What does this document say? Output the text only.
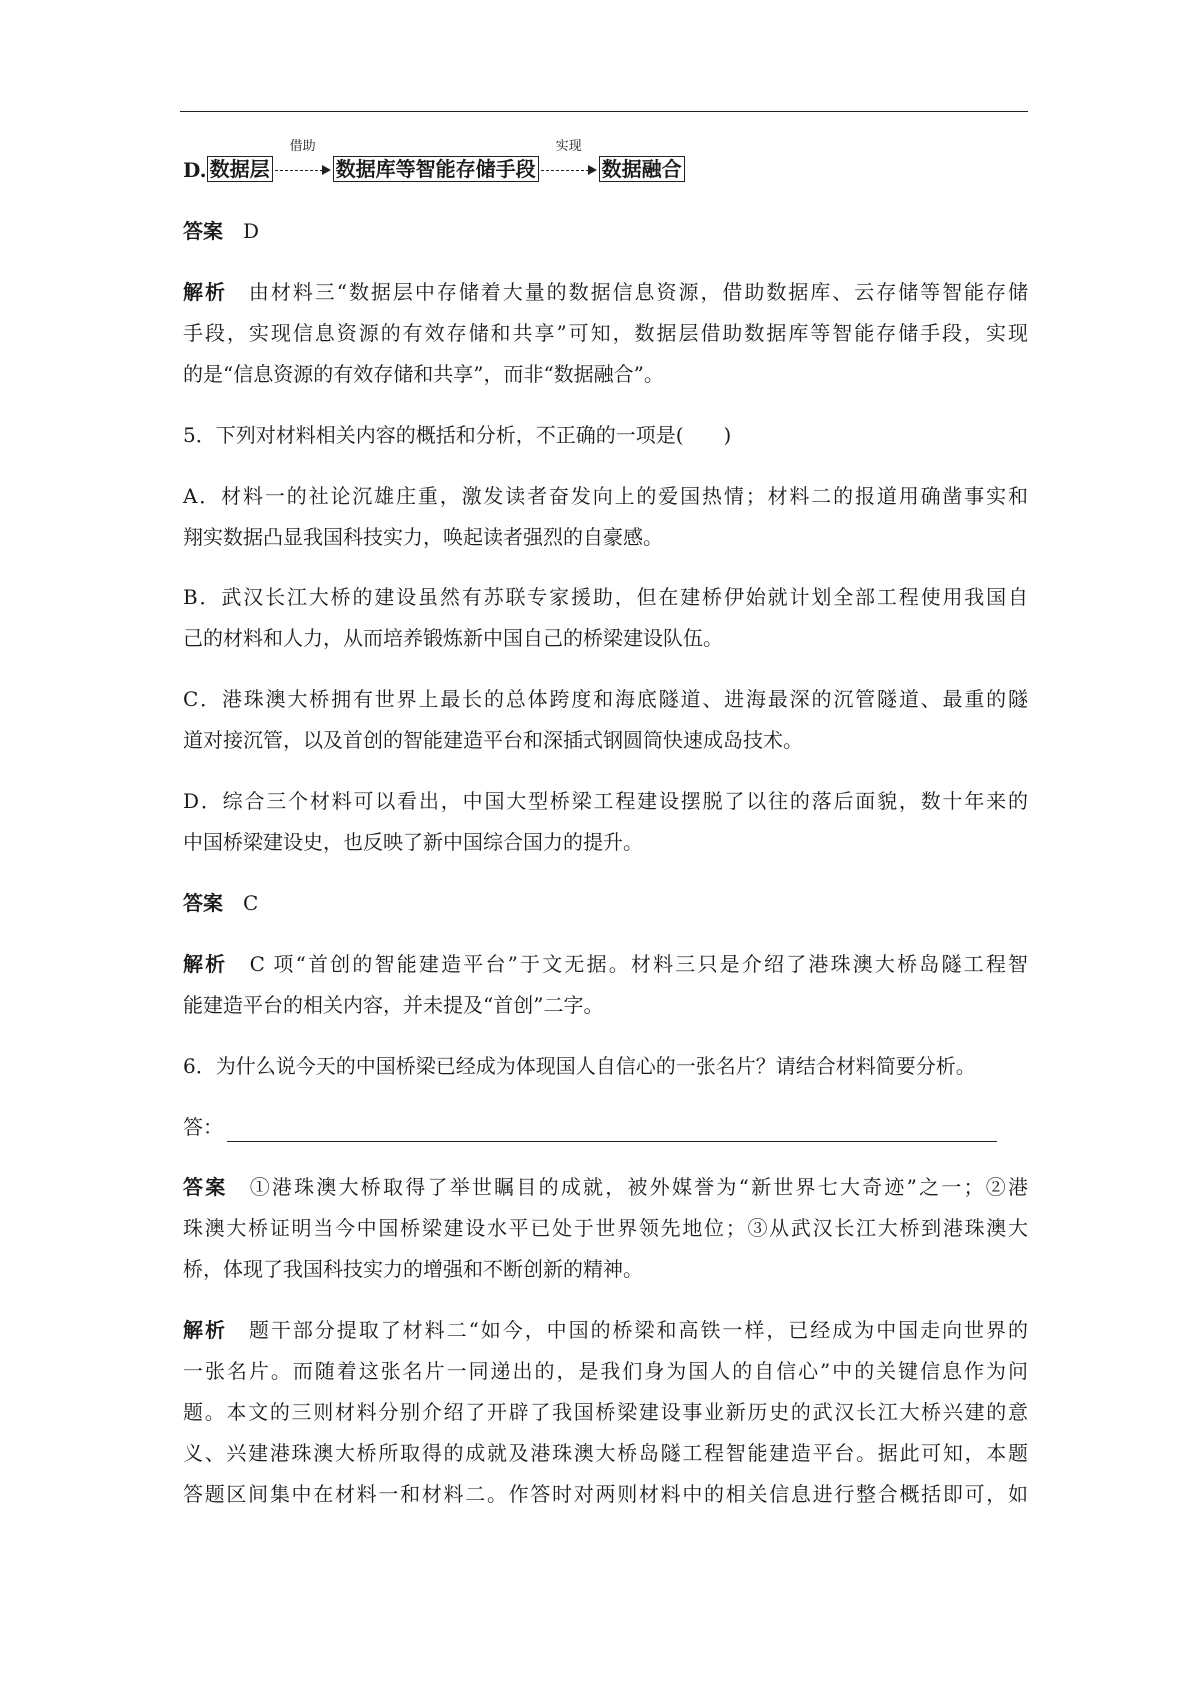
D. 数据层
借助
数据库等智能存储手段
实现
数据融合
答案　 D
解析　 由材料三“数据层中存储着大量的数据信息资源，借助数据库、云存储等智能存储
手段，实现信息资源的有效存储和共享”可知，数据层借助数据库等智能存储手段，实现
的是“信息资源的有效存储和共享”，而非“数据融合”。
5．下列对材料相关内容的概括和分析，不正确的一项是(　　)
A．材料一的社论沉雄庄重，激发读者奋发向上的爱国热情；材料二的报道用确凿事实和
翔实数据凸显我国科技实力，唤起读者强烈的自豪感。
B．武汉长江大桥的建设虽然有苏联专家援助，但在建桥伊始就计划全部工程使用我国自
己的材料和人力，从而培养锻炼新中国自己的桥梁建设队伍。
C．港珠澳大桥拥有世界上最长的总体跨度和海底隧道、进海最深的沉管隧道、最重的隧
道对接沉管，以及首创的智能建造平台和深插式钢圆筒快速成岛技术。
D．综合三个材料可以看出，中国大型桥梁工程建设摆脱了以往的落后面貌，数十年来的
中国桥梁建设史，也反映了新中国综合国力的提升。
答案　 C
解析　 C 项“首创的智能建造平台”于文无据。材料三只是介绍了港珠澳大桥岛隧工程智
能建造平台的相关内容，并未提及“首创”二字。
6．为什么说今天的中国桥梁已经成为体现国人自信心的一张名片？请结合材料简要分析。
答：
答案　 ①港珠澳大桥取得了举世瞩目的成就，被外媒誉为“新世界七大奇迹”之一；②港
珠澳大桥证明当今中国桥梁建设水平已处于世界领先地位；③从武汉长江大桥到港珠澳大
桥，体现了我国科技实力的增强和不断创新的精神。
解析　 题干部分提取了材料二“如今，中国的桥梁和高铁一样，已经成为中国走向世界的
一张名片。而随着这张名片一同递出的，是我们身为国人的自信心”中的关键信息作为问
题。本文的三则材料分别介绍了开辟了我国桥梁建设事业新历史的武汉长江大桥兴建的意
义、兴建港珠澳大桥所取得的成就及港珠澳大桥岛隧工程智能建造平台。据此可知，本题
答题区间集中在材料一和材料二。作答时对两则材料中的相关信息进行整合概括即可，如
